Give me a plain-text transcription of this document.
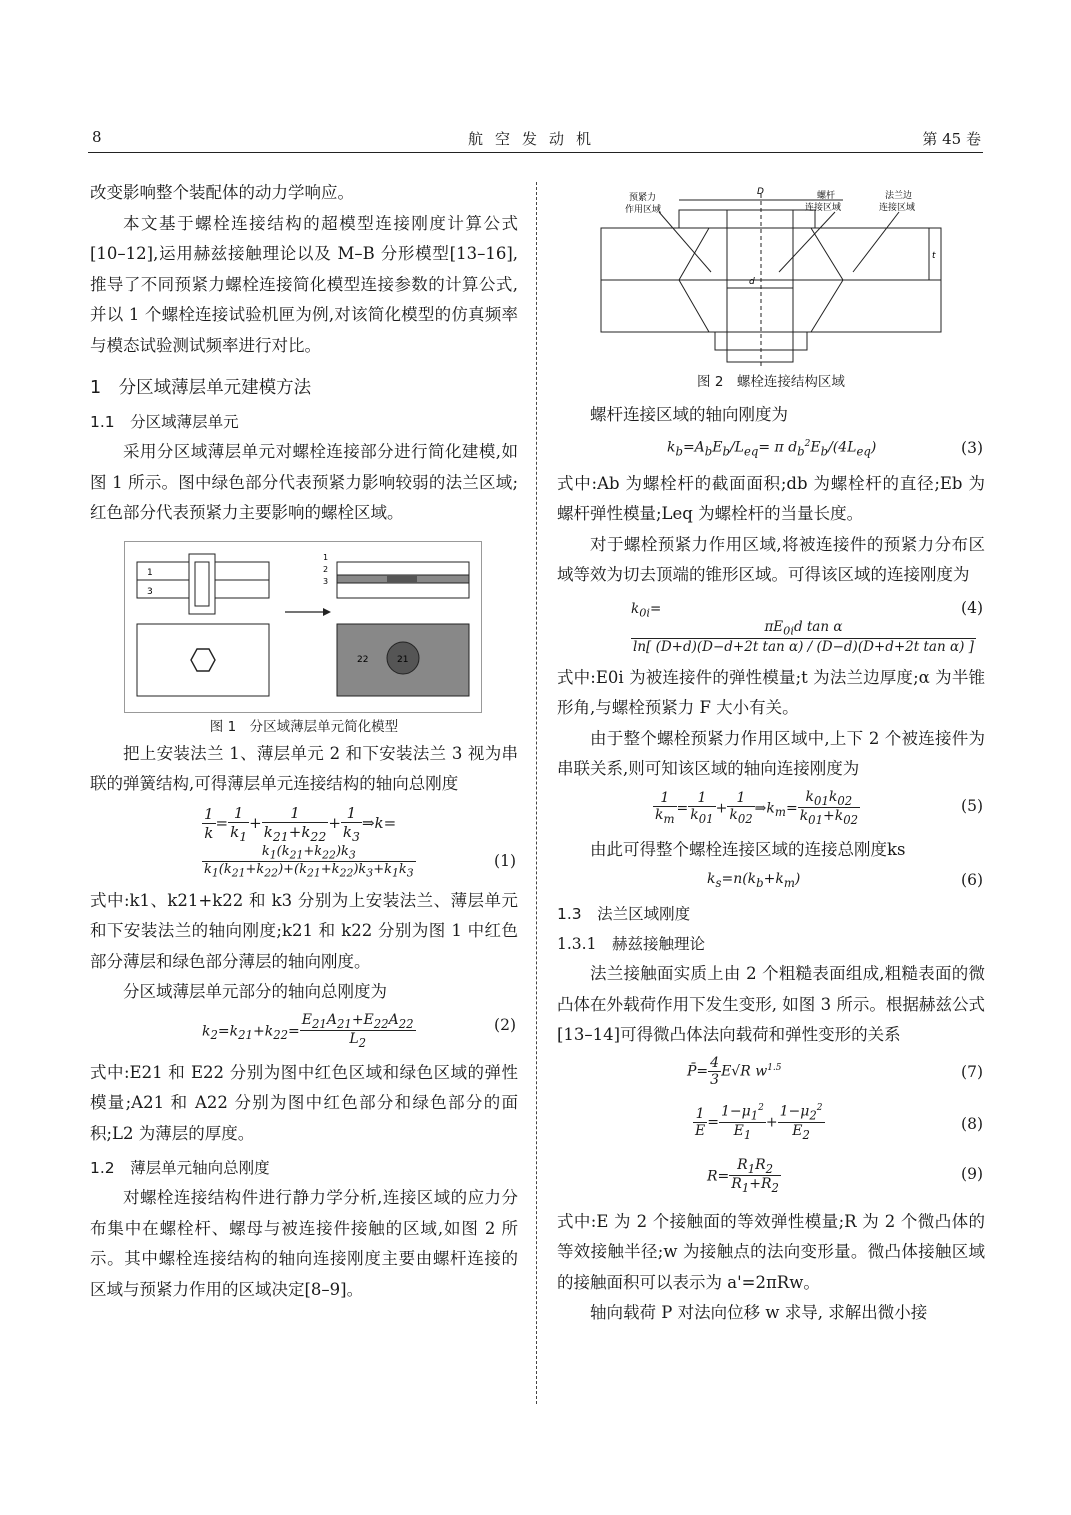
8	航空发动机	第 45 卷

改变影响整个装配体的动力学响应。

本文基于螺栓连接结构的超模型连接刚度计算公式[10–12],运用赫兹接触理论以及 M–B 分形模型[13–16],推导了不同预紧力螺栓连接简化模型连接参数的计算公式,并以 1 个螺栓连接试验机匣为例,对该简化模型的仿真频率与模态试验测试频率进行对比。

1　分区域薄层单元建模方法
1.1　分区域薄层单元

采用分区域薄层单元对螺栓连接部分进行简化建模,如图 1 所示。图中绿色部分代表预紧力影响较弱的法兰区域;红色部分代表预紧力主要影响的螺栓区域。

1
3
1
2
3
22	21

图 1　分区域薄层单元简化模型

把上安装法兰 1、薄层单元 2 和下安装法兰 3 视为串联的弹簧结构,可得薄层单元连接结构的轴向总刚度

$\frac{1}{k} = \frac{1}{k_1} + \frac{1}{k_{21}+k_{22}} + \frac{1}{k_3}$ ⇒k=
$\frac{k_1(k_{21}+k_{22})k_3}{k_1(k_{21}+k_{22})+(k_{21}+k_{22})k_3+k_1k_3}$	(1)

式中:k1、k21+k22 和 k3 分别为上安装法兰、薄层单元和下安装法兰的轴向刚度;k21 和 k22 分别为图 1 中红色部分薄层和绿色部分薄层的轴向刚度。

分区域薄层单元部分的轴向总刚度为

$k_2=k_{21}+k_{22}= \frac{E_{21}A_{21}+E_{22}A_{22}}{L_2}$	(2)

式中:E21 和 E22 分别为图中红色区域和绿色区域的弹性模量;A21 和 A22 分别为图中红色部分和绿色部分的面积;L2 为薄层的厚度。

1.2　薄层单元轴向总刚度

对螺栓连接结构件进行静力学分析,连接区域的应力分布集中在螺栓杆、螺母与被连接件接触的区域,如图 2 所示。其中螺栓连接结构的轴向连接刚度主要由螺杆连接的区域与预紧力作用的区域决定[8–9]。

预紧力
作用区域
螺杆
连接区域
法兰边
连接区域
D
d
t

图 2　螺栓连接结构区域

螺杆连接区域的轴向刚度为

$k_b=A_bE_b/L_{eq}= \pi$ $d_b^2E_b/(4L_{eq})$	(3)

式中:Ab 为螺栓杆的截面面积;db 为螺栓杆的直径;Eb 为螺杆弹性模量;Leq 为螺栓杆的当量长度。

对于螺栓预紧力作用区域,将被连接件的预紧力分布区域等效为切去顶端的锥形区域。可得该区域的连接刚度为

$k_{0i}=$
$\frac{\pi E_{0i}d \tan \alpha}{\text{ln[ (D+d)(D−d+2t tan α) / (D−d)(D+d+2t tan α) ]}}$
(4)

式中:E0i 为被连接件的弹性模量;t 为法兰边厚度;α 为半锥形角,与螺栓预紧力 F 大小有关。

由于整个螺栓预紧力作用区域中,上下 2 个被连接件为串联关系,则可知该区域的轴向连接刚度为

$\frac{1}{k_m} = \frac{1}{k_{01}} + \frac{1}{k_{02}}$ $\Rightarrow k_m= \frac{k_{01}k_{02}}{k_{01}+k_{02}}$	(5)

由此可得整个螺栓连接区域的连接总刚度ks

$k_s=n(k_b+k_m)$	(6)
1.3　法兰区域刚度
1.3.1　赫兹接触理论

法兰接触面实质上由 2 个粗糙表面组成,粗糙表面的微凸体在外载荷作用下发生变形, 如图 3 所示。根据赫兹公式[13–14]可得微凸体法向载荷和弹性变形的关系

P̄= $\frac{4}{3} E√R$ $w^{1.5}$	(7)
$\frac{1}{E} = \frac{1-\mu_1^2}{E_1} + \frac{1-\mu_2^2}{E_2}$	(8)
$R= \frac{R_1R_2}{R_1+R_2}$	(9)

式中:E 为 2 个接触面的等效弹性模量;R 为 2 个微凸体的等效接触半径;w 为接触点的法向变形量。微凸体接触区域的接触面积可以表示为 a'=2πRw。

轴向载荷 P 对法向位移 w 求导, 求解出微小接
